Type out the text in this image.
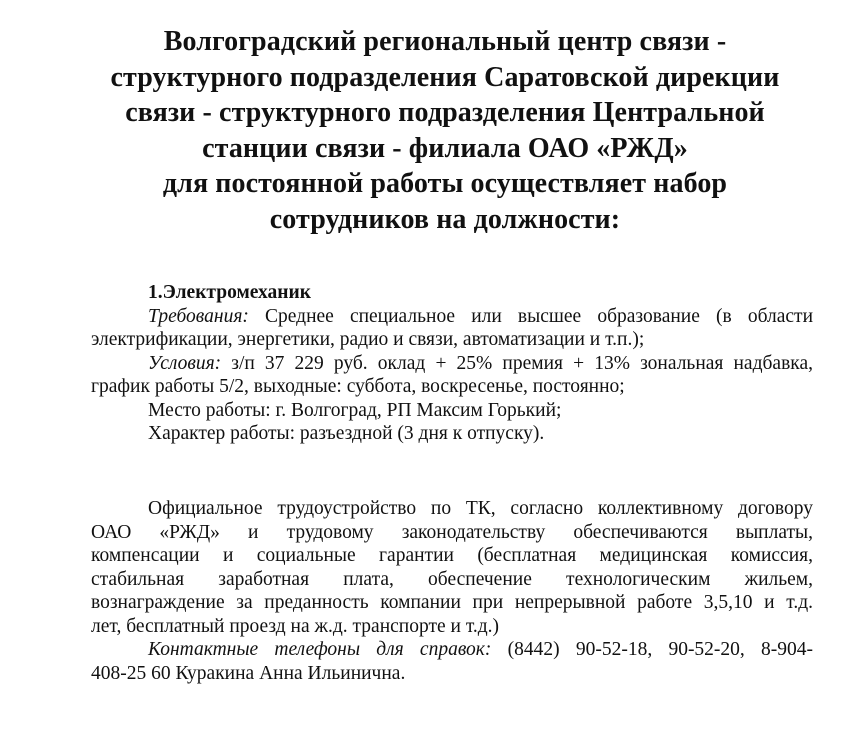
Волгоградский региональный центр связи -
структурного подразделения Саратовской дирекции
связи - структурного подразделения Центральной
станции связи - филиала ОАО «РЖД»
для постоянной работы осуществляет набор
сотрудников на должности:
1.Электромеханик
Требования: Среднее специальное или высшее образование (в области
электрификации, энергетики, радио и связи, автоматизации и т.п.);
Условия: з/п 37 229 руб. оклад + 25% премия + 13% зональная надбавка,
график работы 5/2, выходные: суббота, воскресенье, постоянно;
Место работы: г. Волгоград, РП Максим Горький;
Характер работы: разъездной (3 дня к отпуску).
Официальное трудоустройство по ТК, согласно коллективному договору
ОАО «РЖД» и трудовому законодательству обеспечиваются выплаты,
компенсации и социальные гарантии (бесплатная медицинская комиссия,
стабильная заработная плата, обеспечение технологическим жильем,
вознаграждение за преданность компании при непрерывной работе 3,5,10 и т.д.
лет, бесплатный проезд на ж.д. транспорте и т.д.)
Контактные телефоны для справок: (8442) 90-52-18, 90-52-20, 8-904-
408-25 60 Куракина Анна Ильинична.
